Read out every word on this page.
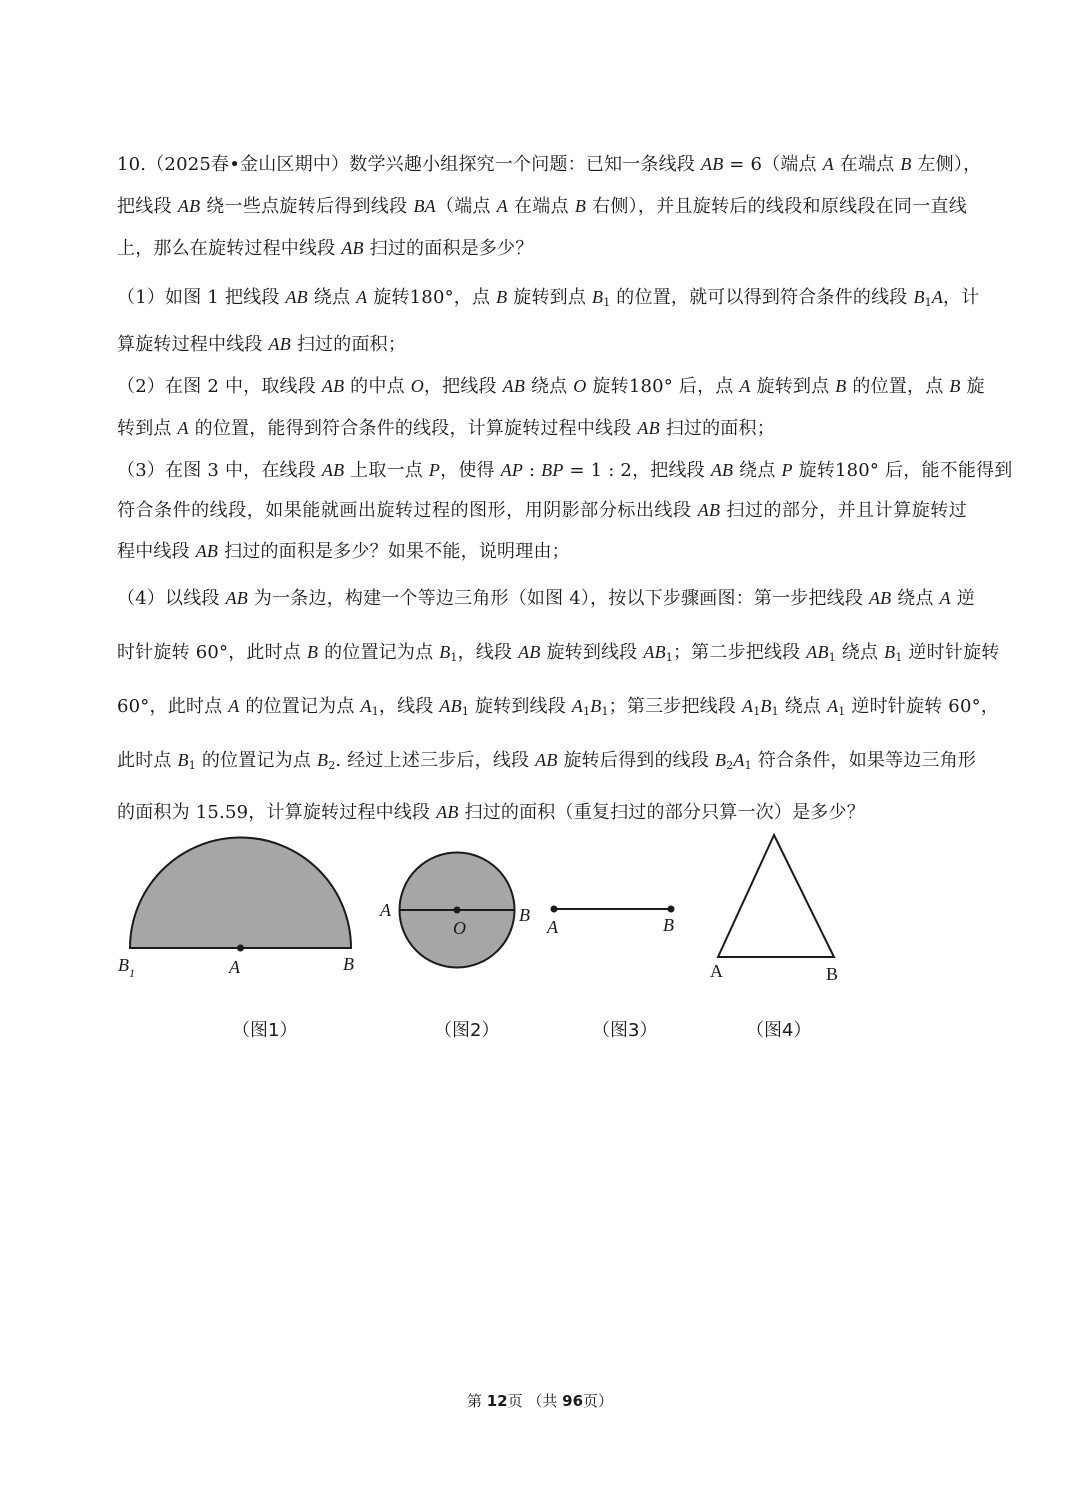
10.（2025春•金山区期中）数学兴趣小组探究一个问题：已知一条线段 AB = 6（端点 A 在端点 B 左侧），
把线段 AB 绕一些点旋转后得到线段 BA（端点 A 在端点 B 右侧），并且旋转后的线段和原线段在同一直线
上，那么在旋转过程中线段 AB 扫过的面积是多少？
（1）如图 1 把线段 AB 绕点 A 旋转180°，点 B 旋转到点 $B_1$ 的位置，就可以得到符合条件的线段 $B_1A$，计
算旋转过程中线段 AB 扫过的面积；
（2）在图 2 中，取线段 AB 的中点 O，把线段 AB 绕点 O 旋转180° 后，点 A 旋转到点 B 的位置，点 B 旋
转到点 A 的位置，能得到符合条件的线段，计算旋转过程中线段 AB 扫过的面积；
（3）在图 3 中，在线段 AB 上取一点 P，使得 AP : BP = 1 : 2，把线段 AB 绕点 P 旋转180° 后，能不能得到
符合条件的线段，如果能就画出旋转过程的图形，用阴影部分标出线段 AB 扫过的部分，并且计算旋转过
程中线段 AB 扫过的面积是多少？如果不能，说明理由；
（4）以线段 AB 为一条边，构建一个等边三角形（如图 4），按以下步骤画图：第一步把线段 AB 绕点 A 逆
时针旋转 60°，此时点 B 的位置记为点 $B_1$，线段 AB 旋转到线段 $AB_1$；第二步把线段 $AB_1$ 绕点 $B_1$ 逆时针旋转
60°，此时点 A 的位置记为点 $A_1$，线段 $AB_1$ 旋转到线段 $A_1B_1$；第三步把线段 $A_1B_1$ 绕点 $A_1$ 逆时针旋转 60°，
此时点 $B_1$ 的位置记为点 $B_2$. 经过上述三步后，线段 AB 旋转后得到的线段 $B_2A_1$ 符合条件，如果等边三角形
的面积为 15.59，计算旋转过程中线段 AB 扫过的面积（重复扫过的部分只算一次）是多少？
$B_1$	A	B
（图1）
A
O
B
（图2）
A	B
（图3）
A	B
（图4）
第 12页 （共 96页）
